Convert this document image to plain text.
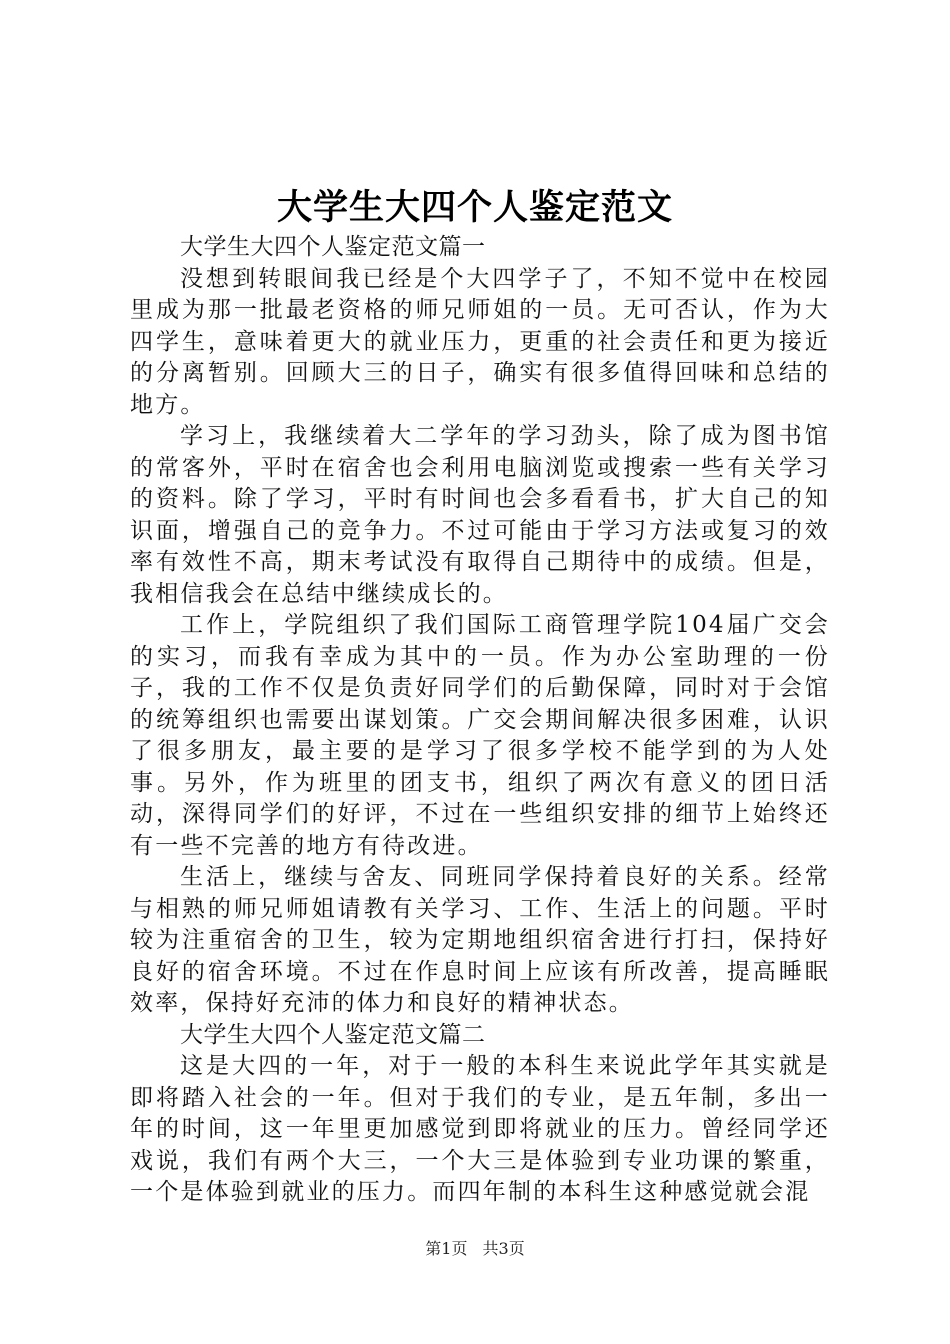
大学生大四个人鉴定范文

大学生大四个人鉴定范文篇一

没想到转眼间我已经是个大四学子了，不知不觉中在校园里成为那一批最老资格的师兄师姐的一员。无可否认，作为大四学生，意味着更大的就业压力，更重的社会责任和更为接近的分离暂别。回顾大三的日子，确实有很多值得回味和总结的地方。

学习上，我继续着大二学年的学习劲头，除了成为图书馆的常客外，平时在宿舍也会利用电脑浏览或搜索一些有关学习的资料。除了学习，平时有时间也会多看看书，扩大自己的知识面，增强自己的竞争力。不过可能由于学习方法或复习的效率有效性不高，期末考试没有取得自己期待中的成绩。但是，我相信我会在总结中继续成长的。

工作上，学院组织了我们国际工商管理学院104届广交会的实习，而我有幸成为其中的一员。作为办公室助理的一份子，我的工作不仅是负责好同学们的后勤保障，同时对于会馆的统筹组织也需要出谋划策。广交会期间解决很多困难，认识了很多朋友，最主要的是学习了很多学校不能学到的为人处事。另外，作为班里的团支书，组织了两次有意义的团日活动，深得同学们的好评，不过在一些组织安排的细节上始终还有一些不完善的地方有待改进。

生活上，继续与舍友、同班同学保持着良好的关系。经常与相熟的师兄师姐请教有关学习、工作、生活上的问题。平时较为注重宿舍的卫生，较为定期地组织宿舍进行打扫，保持好良好的宿舍环境。不过在作息时间上应该有所改善，提高睡眠效率，保持好充沛的体力和良好的精神状态。

大学生大四个人鉴定范文篇二

这是大四的一年，对于一般的本科生来说此学年其实就是即将踏入社会的一年。但对于我们的专业，是五年制，多出一年的时间，这一年里更加感觉到即将就业的压力。曾经同学还戏说，我们有两个大三，一个大三是体验到专业功课的繁重，一个是体验到就业的压力。而四年制的本科生这种感觉就会混

第1页 共3页
